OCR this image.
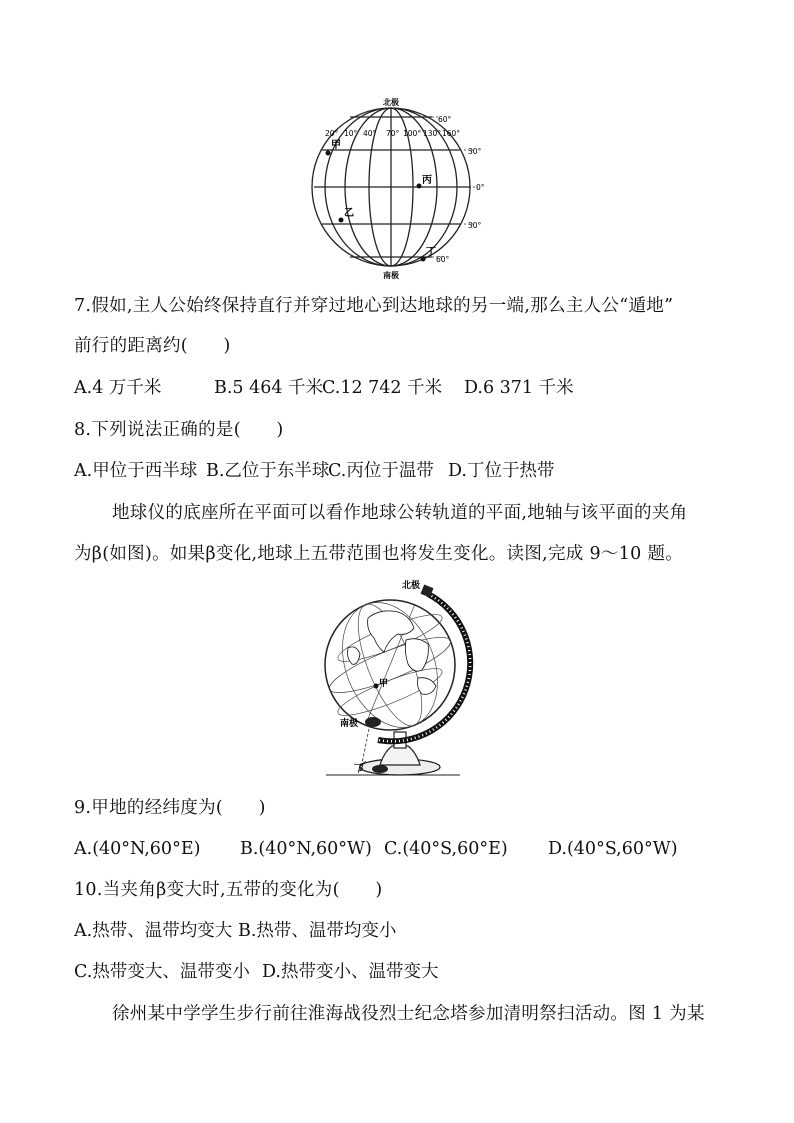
北极
南极
20° 10° 40° 70° 100° 130° 160°
60°
30°
0°
30°
60°
甲
乙
丙
丁
7.假如,主人公始终保持直行并穿过地心到达地球的另一端,那么主人公“遁地”
前行的距离约(　　)
A.4 万千米	B.5 464 千米
C.12 742 千米 D.6 371 千米
8.下列说法正确的是(　　)
A.甲位于西半球 B.乙位于东半球
C.丙位于温带 D.丁位于热带
地球仪的底座所在平面可以看作地球公转轨道的平面,地轴与该平面的夹角
为β(如图)。如果β变化,地球上五带范围也将发生变化。读图,完成 9～10 题。
北极
南极
甲
β
9.甲地的经纬度为(　　)
A.(40°N,60°E) B.(40°N,60°W) C.(40°S,60°E) D.(40°S,60°W)
10.当夹角β变大时,五带的变化为(　　)
A.热带、温带均变大 B.热带、温带均变小
C.热带变大、温带变小 D.热带变小、温带变大
徐州某中学学生步行前往淮海战役烈士纪念塔参加清明祭扫活动。图 1 为某
